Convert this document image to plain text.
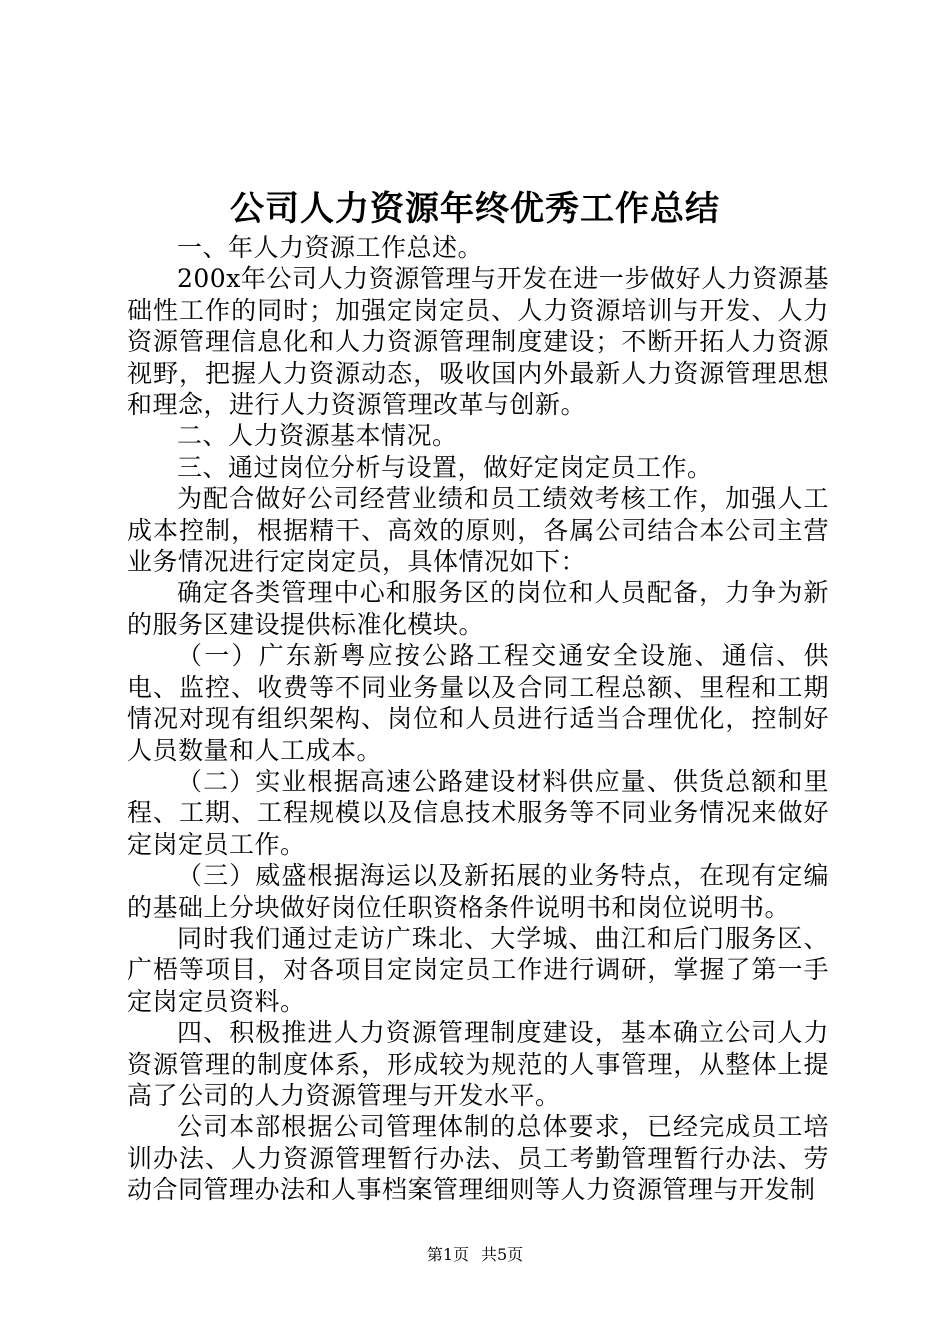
公司人力资源年终优秀工作总结

一、年人力资源工作总述。

200x年公司人力资源管理与开发在进一步做好人力资源基础性工作的同时；加强定岗定员、人力资源培训与开发、人力资源管理信息化和人力资源管理制度建设；不断开拓人力资源视野，把握人力资源动态，吸收国内外最新人力资源管理思想和理念，进行人力资源管理改革与创新。

二、人力资源基本情况。

三、通过岗位分析与设置，做好定岗定员工作。

为配合做好公司经营业绩和员工绩效考核工作，加强人工成本控制，根据精干、高效的原则，各属公司结合本公司主营业务情况进行定岗定员，具体情况如下：

确定各类管理中心和服务区的岗位和人员配备，力争为新的服务区建设提供标准化模块。

（一）广东新粤应按公路工程交通安全设施、通信、供电、监控、收费等不同业务量以及合同工程总额、里程和工期情况对现有组织架构、岗位和人员进行适当合理优化，控制好人员数量和人工成本。

（二）实业根据高速公路建设材料供应量、供货总额和里程、工期、工程规模以及信息技术服务等不同业务情况来做好定岗定员工作。

（三）威盛根据海运以及新拓展的业务特点，在现有定编的基础上分块做好岗位任职资格条件说明书和岗位说明书。

同时我们通过走访广珠北、大学城、曲江和后门服务区、广梧等项目，对各项目定岗定员工作进行调研，掌握了第一手定岗定员资料。

四、积极推进人力资源管理制度建设，基本确立公司人力资源管理的制度体系，形成较为规范的人事管理，从整体上提高了公司的人力资源管理与开发水平。

公司本部根据公司管理体制的总体要求，已经完成员工培训办法、人力资源管理暂行办法、员工考勤管理暂行办法、劳动合同管理办法和人事档案管理细则等人力资源管理与开发制

第1页 共5页
